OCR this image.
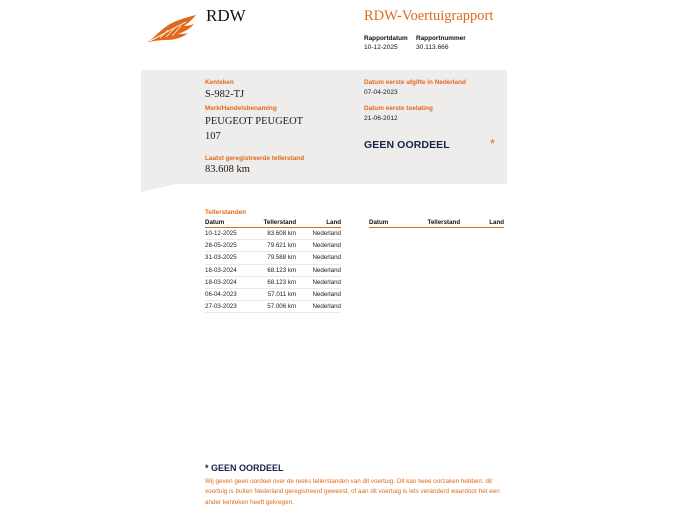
RDW	RDW-Voertuigrapport
Rapportdatum
10-12-2025
Rapportnummer
30.113.666
Kenteken
S-982-TJ
Merk/Handelsbenaming
PEUGEOT PEUGEOT
107
Laatst geregistreerde tellerstand
83.608 km
Datum eerste afgifte in Nederland
07-04-2023
Datum eerste toelating
21-06-2012
GEEN OORDEEL	*
Tellerstanden
Datum	Tellerstand	Land
10-12-2025	83.608 km	Nederland
28-05-2025	79.621 km	Nederland
31-03-2025	79.588 km	Nederland
18-03-2024	68.123 km	Nederland
18-03-2024	68.123 km	Nederland
06-04-2023	57.011 km	Nederland
27-03-2023	57.006 km	Nederland
Datum	Tellerstand	Land
* GEEN OORDEEL
Wij geven geen oordeel over de reeks tellerstanden van dit voertuig. Dit kan twee oorzaken hebben: dit voertuig is buiten Nederland geregistreerd geweest, of aan dit voertuig is iets veranderd waardoor het een ander kenteken heeft gekregen.
